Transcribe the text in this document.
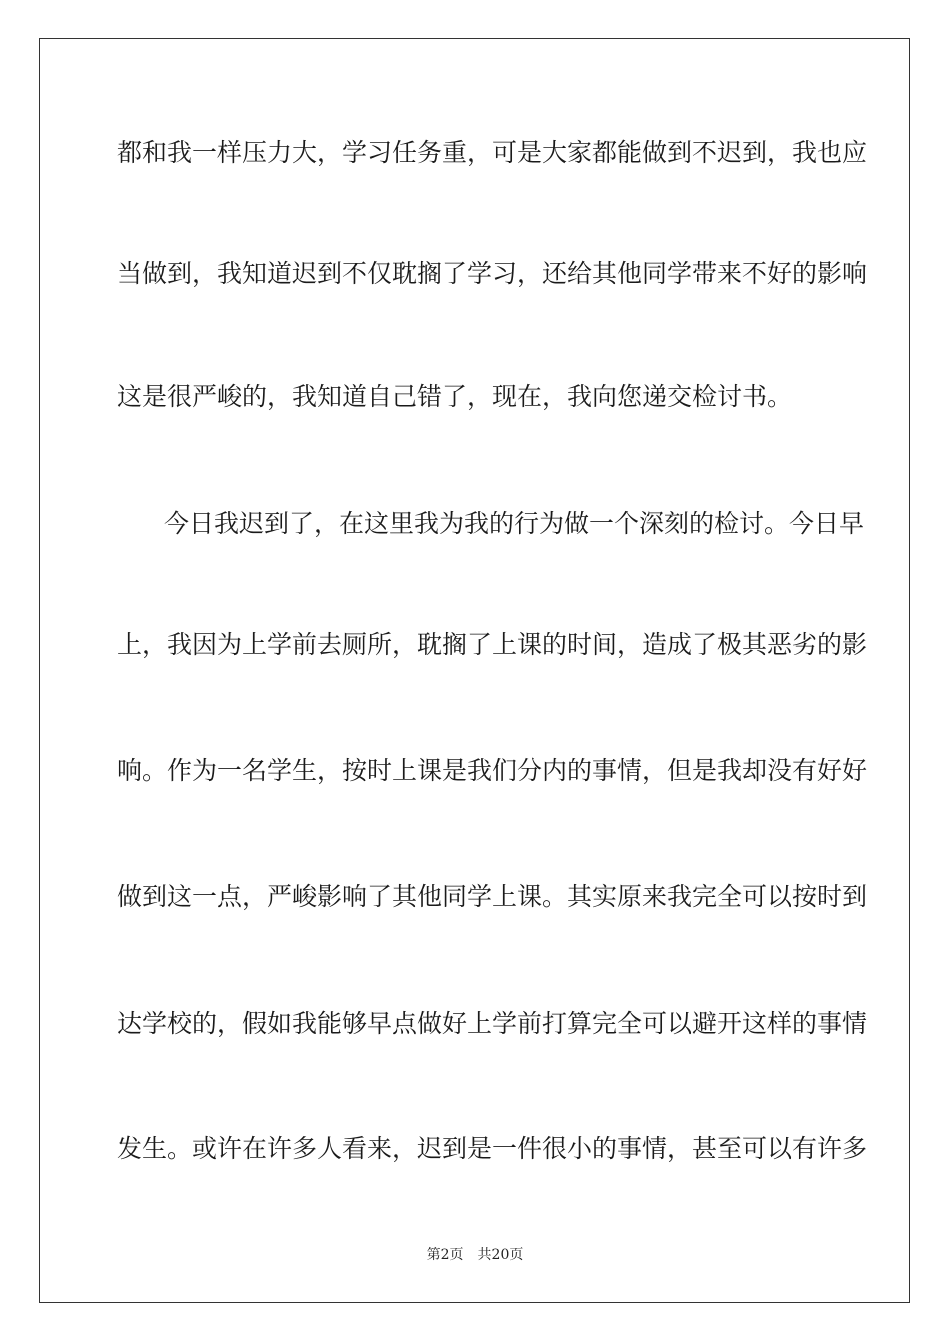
都和我一样压力大，学习任务重，可是大家都能做到不迟到，我也应
当做到，我知道迟到不仅耽搁了学习，还给其他同学带来不好的影响
这是很严峻的，我知道自己错了，现在，我向您递交检讨书。
今日我迟到了，在这里我为我的行为做一个深刻的检讨。今日早
上，我因为上学前去厕所，耽搁了上课的时间，造成了极其恶劣的影
响。作为一名学生，按时上课是我们分内的事情，但是我却没有好好
做到这一点，严峻影响了其他同学上课。其实原来我完全可以按时到
达学校的，假如我能够早点做好上学前打算完全可以避开这样的事情
发生。或许在许多人看来，迟到是一件很小的事情，甚至可以有许多
第2页 共20页
